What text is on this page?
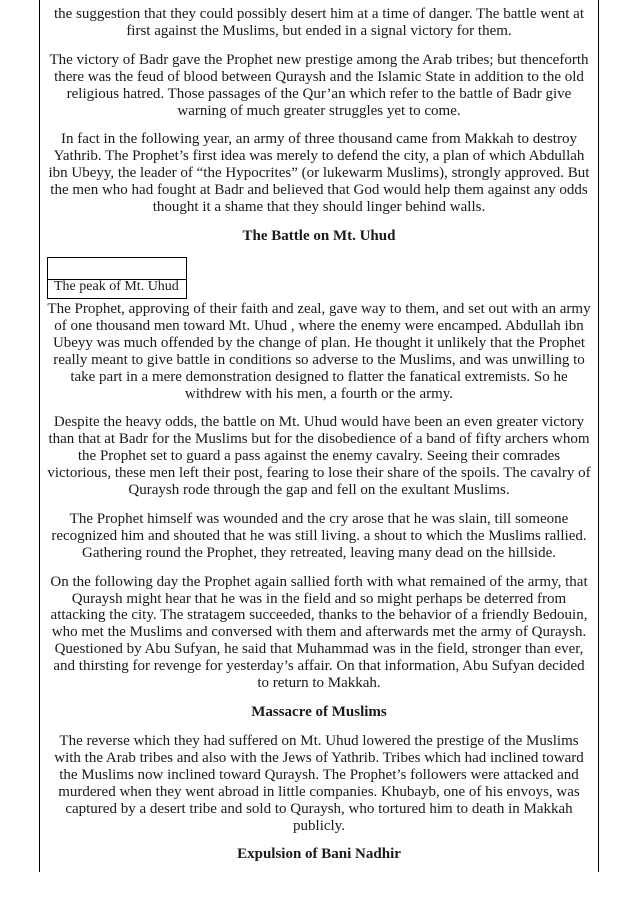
the suggestion that they could possibly desert him at a time of danger. The battle went at first against the Muslims, but ended in a signal victory for them.

The victory of Badr gave the Prophet new prestige among the Arab tribes; but thenceforth there was the feud of blood between Quraysh and the Islamic State in addition to the old religious hatred. Those passages of the Qur’an which refer to the battle of Badr give warning of much greater struggles yet to come.

In fact in the following year, an army of three thousand came from Makkah to destroy Yathrib. The Prophet’s first idea was merely to defend the city, a plan of which Abdullah ibn Ubeyy, the leader of “the Hypocrites” (or lukewarm Muslims), strongly approved. But the men who had fought at Badr and believed that God would help them against any odds thought it a shame that they should linger behind walls.

The Battle on Mt. Uhud
The peak of Mt. Uhud

The Prophet, approving of their faith and zeal, gave way to them, and set out with an army of one thousand men toward Mt. Uhud , where the enemy were encamped. Abdullah ibn Ubeyy was much offended by the change of plan. He thought it unlikely that the Prophet really meant to give battle in conditions so adverse to the Muslims, and was unwilling to take part in a mere demonstration designed to flatter the fanatical extremists. So he withdrew with his men, a fourth or the army.

Despite the heavy odds, the battle on Mt. Uhud would have been an even greater victory than that at Badr for the Muslims but for the disobedience of a band of fifty archers whom the Prophet set to guard a pass against the enemy cavalry. Seeing their comrades victorious, these men left their post, fearing to lose their share of the spoils. The cavalry of Quraysh rode through the gap and fell on the exultant Muslims.

The Prophet himself was wounded and the cry arose that he was slain, till someone recognized him and shouted that he was still living. a shout to which the Muslims rallied. Gathering round the Prophet, they retreated, leaving many dead on the hillside.

On the following day the Prophet again sallied forth with what remained of the army, that Quraysh might hear that he was in the field and so might perhaps be deterred from attacking the city. The stratagem succeeded, thanks to the behavior of a friendly Bedouin, who met the Muslims and conversed with them and afterwards met the army of Quraysh. Questioned by Abu Sufyan, he said that Muhammad was in the field, stronger than ever, and thirsting for revenge for yesterday’s affair. On that information, Abu Sufyan decided to return to Makkah.

Massacre of Muslims

The reverse which they had suffered on Mt. Uhud lowered the prestige of the Muslims with the Arab tribes and also with the Jews of Yathrib. Tribes which had inclined toward the Muslims now inclined toward Quraysh. The Prophet’s followers were attacked and murdered when they went abroad in little companies. Khubayb, one of his envoys, was captured by a desert tribe and sold to Quraysh, who tortured him to death in Makkah publicly.

Expulsion of Bani Nadhir
